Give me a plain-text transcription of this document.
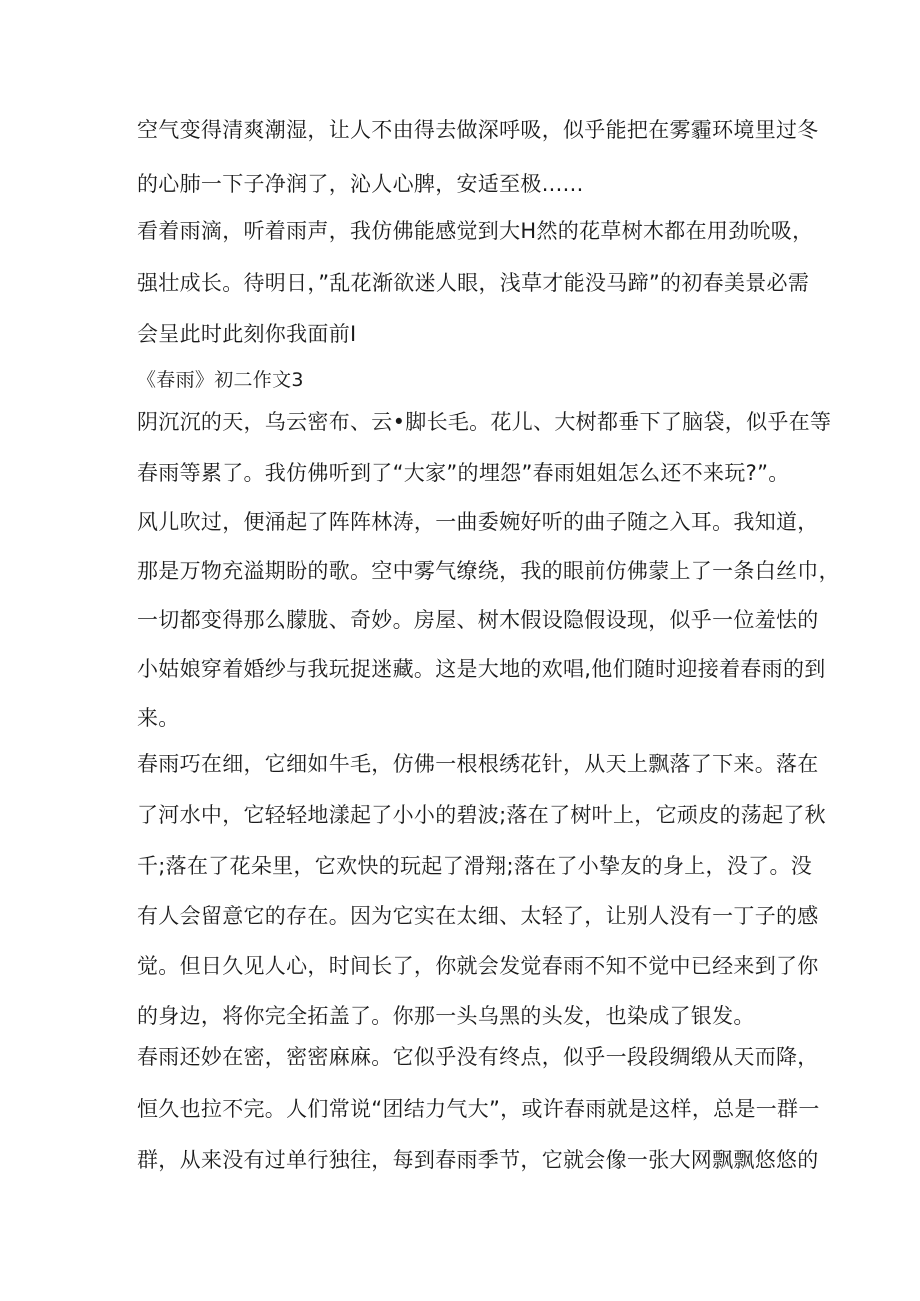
空气变得清爽潮湿，让人不由得去做深呼吸，似乎能把在雾霾环境里过冬
的心肺一下子净润了，沁人心脾，安适至极......
看着雨滴，听着雨声，我仿佛能感觉到大H然的花草树木都在用劲吮吸，
强壮成长。待明日，”乱花渐欲迷人眼，浅草才能没马蹄”的初春美景必需
会呈此时此刻你我面前I
《春雨》初二作文3
阴沉沉的天，乌云密布、云•脚长毛。花儿、大树都垂下了脑袋，似乎在等
春雨等累了。我仿佛听到了“大家”的埋怨”春雨姐姐怎么还不来玩?”。
风儿吹过，便涌起了阵阵林涛，一曲委婉好听的曲子随之入耳。我知道，
那是万物充溢期盼的歌。空中雾气缭绕，我的眼前仿佛蒙上了一条白丝巾，
一切都变得那么朦胧、奇妙。房屋、树木假设隐假设现，似乎一位羞怯的
小姑娘穿着婚纱与我玩捉迷藏。这是大地的欢唱,他们随时迎接着春雨的到
来。
春雨巧在细，它细如牛毛，仿佛一根根绣花针，从天上飘落了下来。落在
了河水中，它轻轻地漾起了小小的碧波;落在了树叶上，它顽皮的荡起了秋
千;落在了花朵里，它欢快的玩起了滑翔;落在了小挚友的身上，没了。没
有人会留意它的存在。因为它实在太细、太轻了，让别人没有一丁子的感
觉。但日久见人心，时间长了，你就会发觉春雨不知不觉中已经来到了你
的身边，将你完全拓盖了。你那一头乌黑的头发，也染成了银发。
春雨还妙在密，密密麻麻。它似乎没有终点，似乎一段段绸缎从天而降，
恒久也拉不完。人们常说“团结力气大”，或许春雨就是这样，总是一群一
群，从来没有过单行独往，每到春雨季节，它就会像一张大网飘飘悠悠的
